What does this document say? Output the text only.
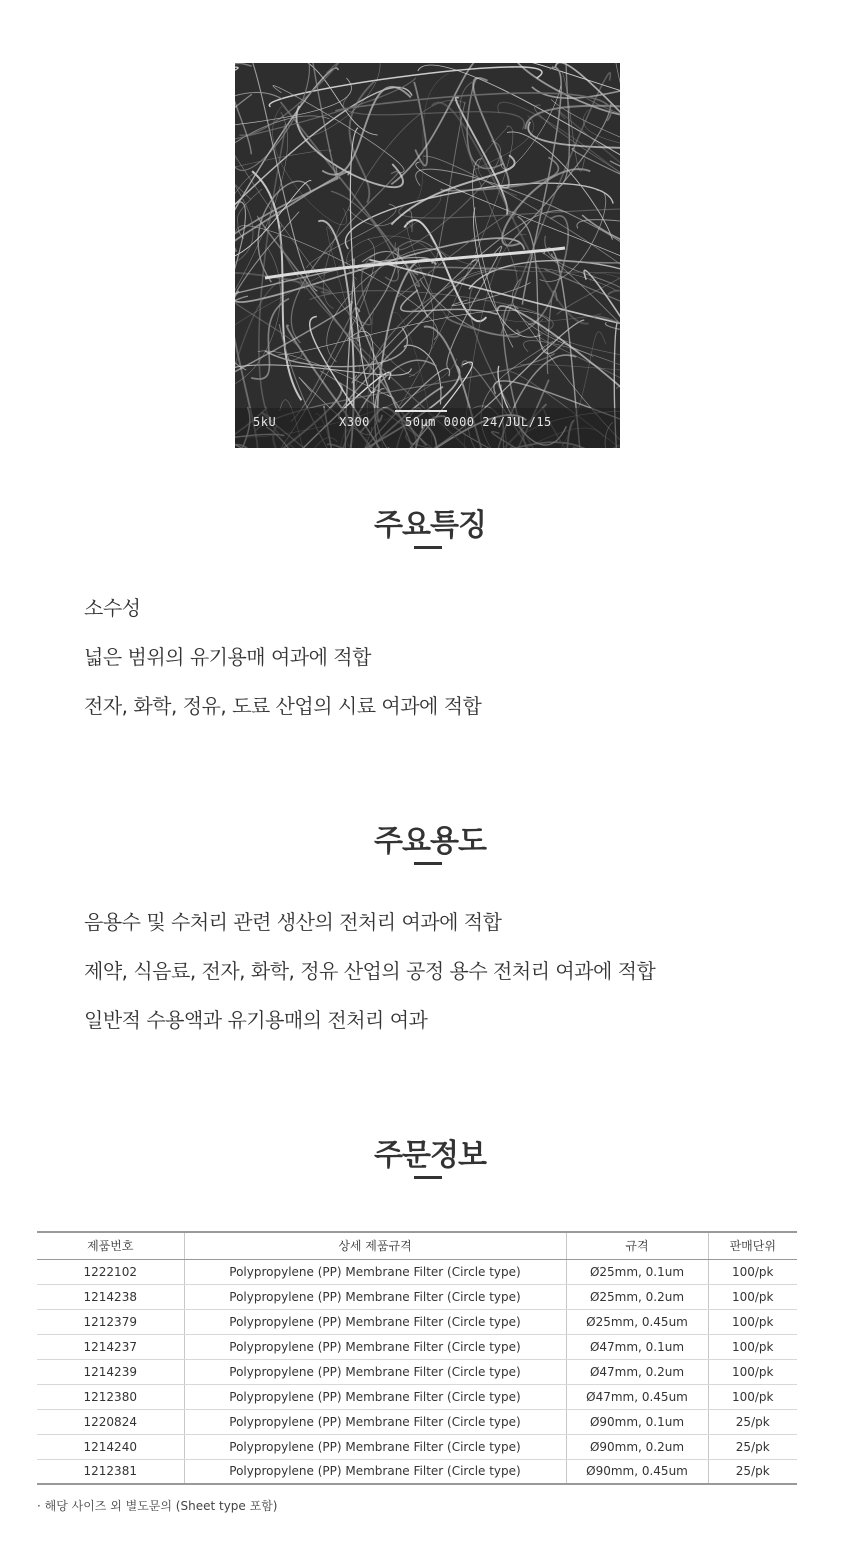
5kU	X300	50µm 0000 24/JUL/15
주요특징
소수성
넓은 범위의 유기용매 여과에 적합
전자, 화학, 정유, 도료 산업의 시료 여과에 적합
주요용도
음용수 및 수처리 관련 생산의 전처리 여과에 적합
제약, 식음료, 전자, 화학, 정유 산업의 공정 용수 전처리 여과에 적합
일반적 수용액과 유기용매의 전처리 여과
주문정보
제품번호	상세 제품규격	규격	판매단위
1222102	Polypropylene (PP) Membrane Filter (Circle type)	Ø25mm, 0.1um	100/pk
1214238	Polypropylene (PP) Membrane Filter (Circle type)	Ø25mm, 0.2um	100/pk
1212379	Polypropylene (PP) Membrane Filter (Circle type)	Ø25mm, 0.45um	100/pk
1214237	Polypropylene (PP) Membrane Filter (Circle type)	Ø47mm, 0.1um	100/pk
1214239	Polypropylene (PP) Membrane Filter (Circle type)	Ø47mm, 0.2um	100/pk
1212380	Polypropylene (PP) Membrane Filter (Circle type)	Ø47mm, 0.45um	100/pk
1220824	Polypropylene (PP) Membrane Filter (Circle type)	Ø90mm, 0.1um	25/pk
1214240	Polypropylene (PP) Membrane Filter (Circle type)	Ø90mm, 0.2um	25/pk
1212381	Polypropylene (PP) Membrane Filter (Circle type)	Ø90mm, 0.45um	25/pk
· 해당 사이즈 외 별도문의 (Sheet type 포함)
